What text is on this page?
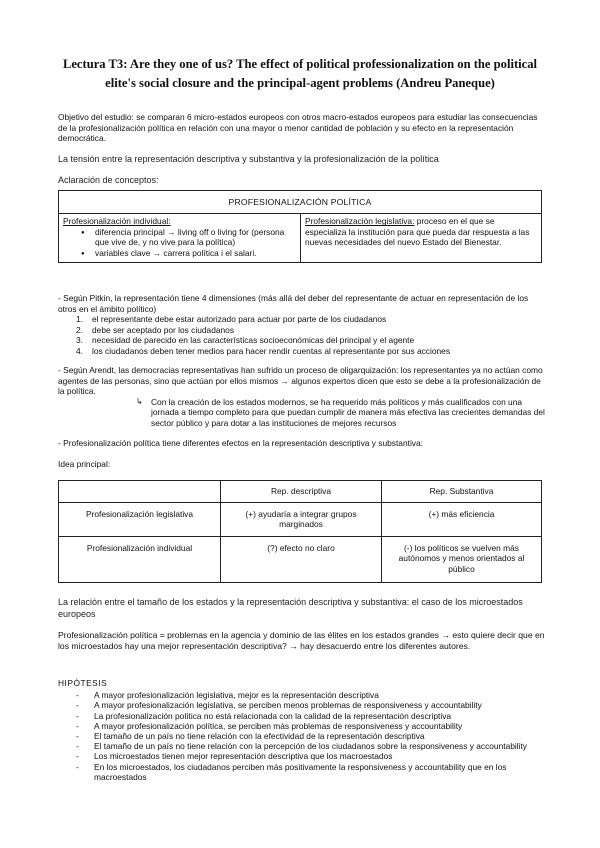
Lectura T3: Are they one of us? The effect of political professionalization on the political elite's social closure and the principal-agent problems (Andreu Paneque)
Objetivo del estudio: se comparan 6 micro-estados europeos con otros macro-estados europeos para estudiar las consecuencias de la profesionalización política en relación con una mayor o menor cantidad de población y su efecto en la representación democrática.
La tensión entre la representación descriptiva y substantiva y la profesionalización de la política
Aclaración de conceptos:
PROFESIONALIZACIÓN POLÍTICA

Profesionalización individual:
● diferencia principal → living off o living for (persona que vive de, y no vive para la política)
● variables clave → carrera política i el salari.
	Profesionalización legislativa: proceso en el que se especializa la institución para que pueda dar respuesta a las nuevas necesidades del nuevo Estado del Bienestar.
- Según Pitkin, la representación tiene 4 dimensiones (más allá del deber del representante de actuar en representación de los otros en el ámbito político)
1. el representante debe estar autorizado para actuar por parte de los ciudadanos
2. debe ser aceptado por los ciudadanos
3. necesidad de parecido en las características socioeconómicas del principal y el agente
4. los ciudadanos deben tener medios para hacer rendir cuentas al representante por sus acciones
- Según Arendt, las democracias representativas han sufrido un proceso de oligarquización: los representantes ya no actúan como agentes de las personas, sino que actúan por ellos mismos → algunos expertos dicen que esto se debe a la profesionalización de la política.
↳ Con la creación de los estados modernos, se ha requerido más políticos y más cualificados con una jornada a tiempo completo para que puedan cumplir de manera más efectiva las crecientes demandas del sector público y para dotar a las instituciones de mejores recursos
- Profesionalización política tiene diferentes efectos en la representación descriptiva y substantiva:
Idea principal:
	Rep. descriptiva	Rep. Substantiva
Profesionalización legislativa	(+) ayudaría a integrar grupos marginados	(+) más eficiencia
Profesionalización individual	(?) efecto no claro	(-) los políticos se vuelven más autónomos y menos orientados al público
La relación entre el tamaño de los estados y la representación descriptiva y substantiva: el caso de los microestados europeos
Profesionalización política = problemas en la agencia y dominio de las élites en los estados grandes → esto quiere decir que en los microestados hay una mejor representación descriptiva? → hay desacuerdo entre los diferentes autores.
HIPÓTESIS
- A mayor profesionalización legislativa, mejor es la representación descriptiva
- A mayor profesionalización legislativa, se perciben menos problemas de responsiveness y accountability
- La profesionalización política no está relacionada con la calidad de la representación descriptiva
- A mayor profesionalización política, se perciben más problemas de responsiveness y accountability
- El tamaño de un país no tiene relación con la efectividad de la representación descriptiva
- El tamaño de un país no tiene relación con la percepción de los ciudadanos sobre la responsiveness y accountability
- Los microestados tienen mejor representación descriptiva que los macroestados
- En los microestados, los ciudadanos perciben más positivamente la responsiveness y accountability que en los macroestados
